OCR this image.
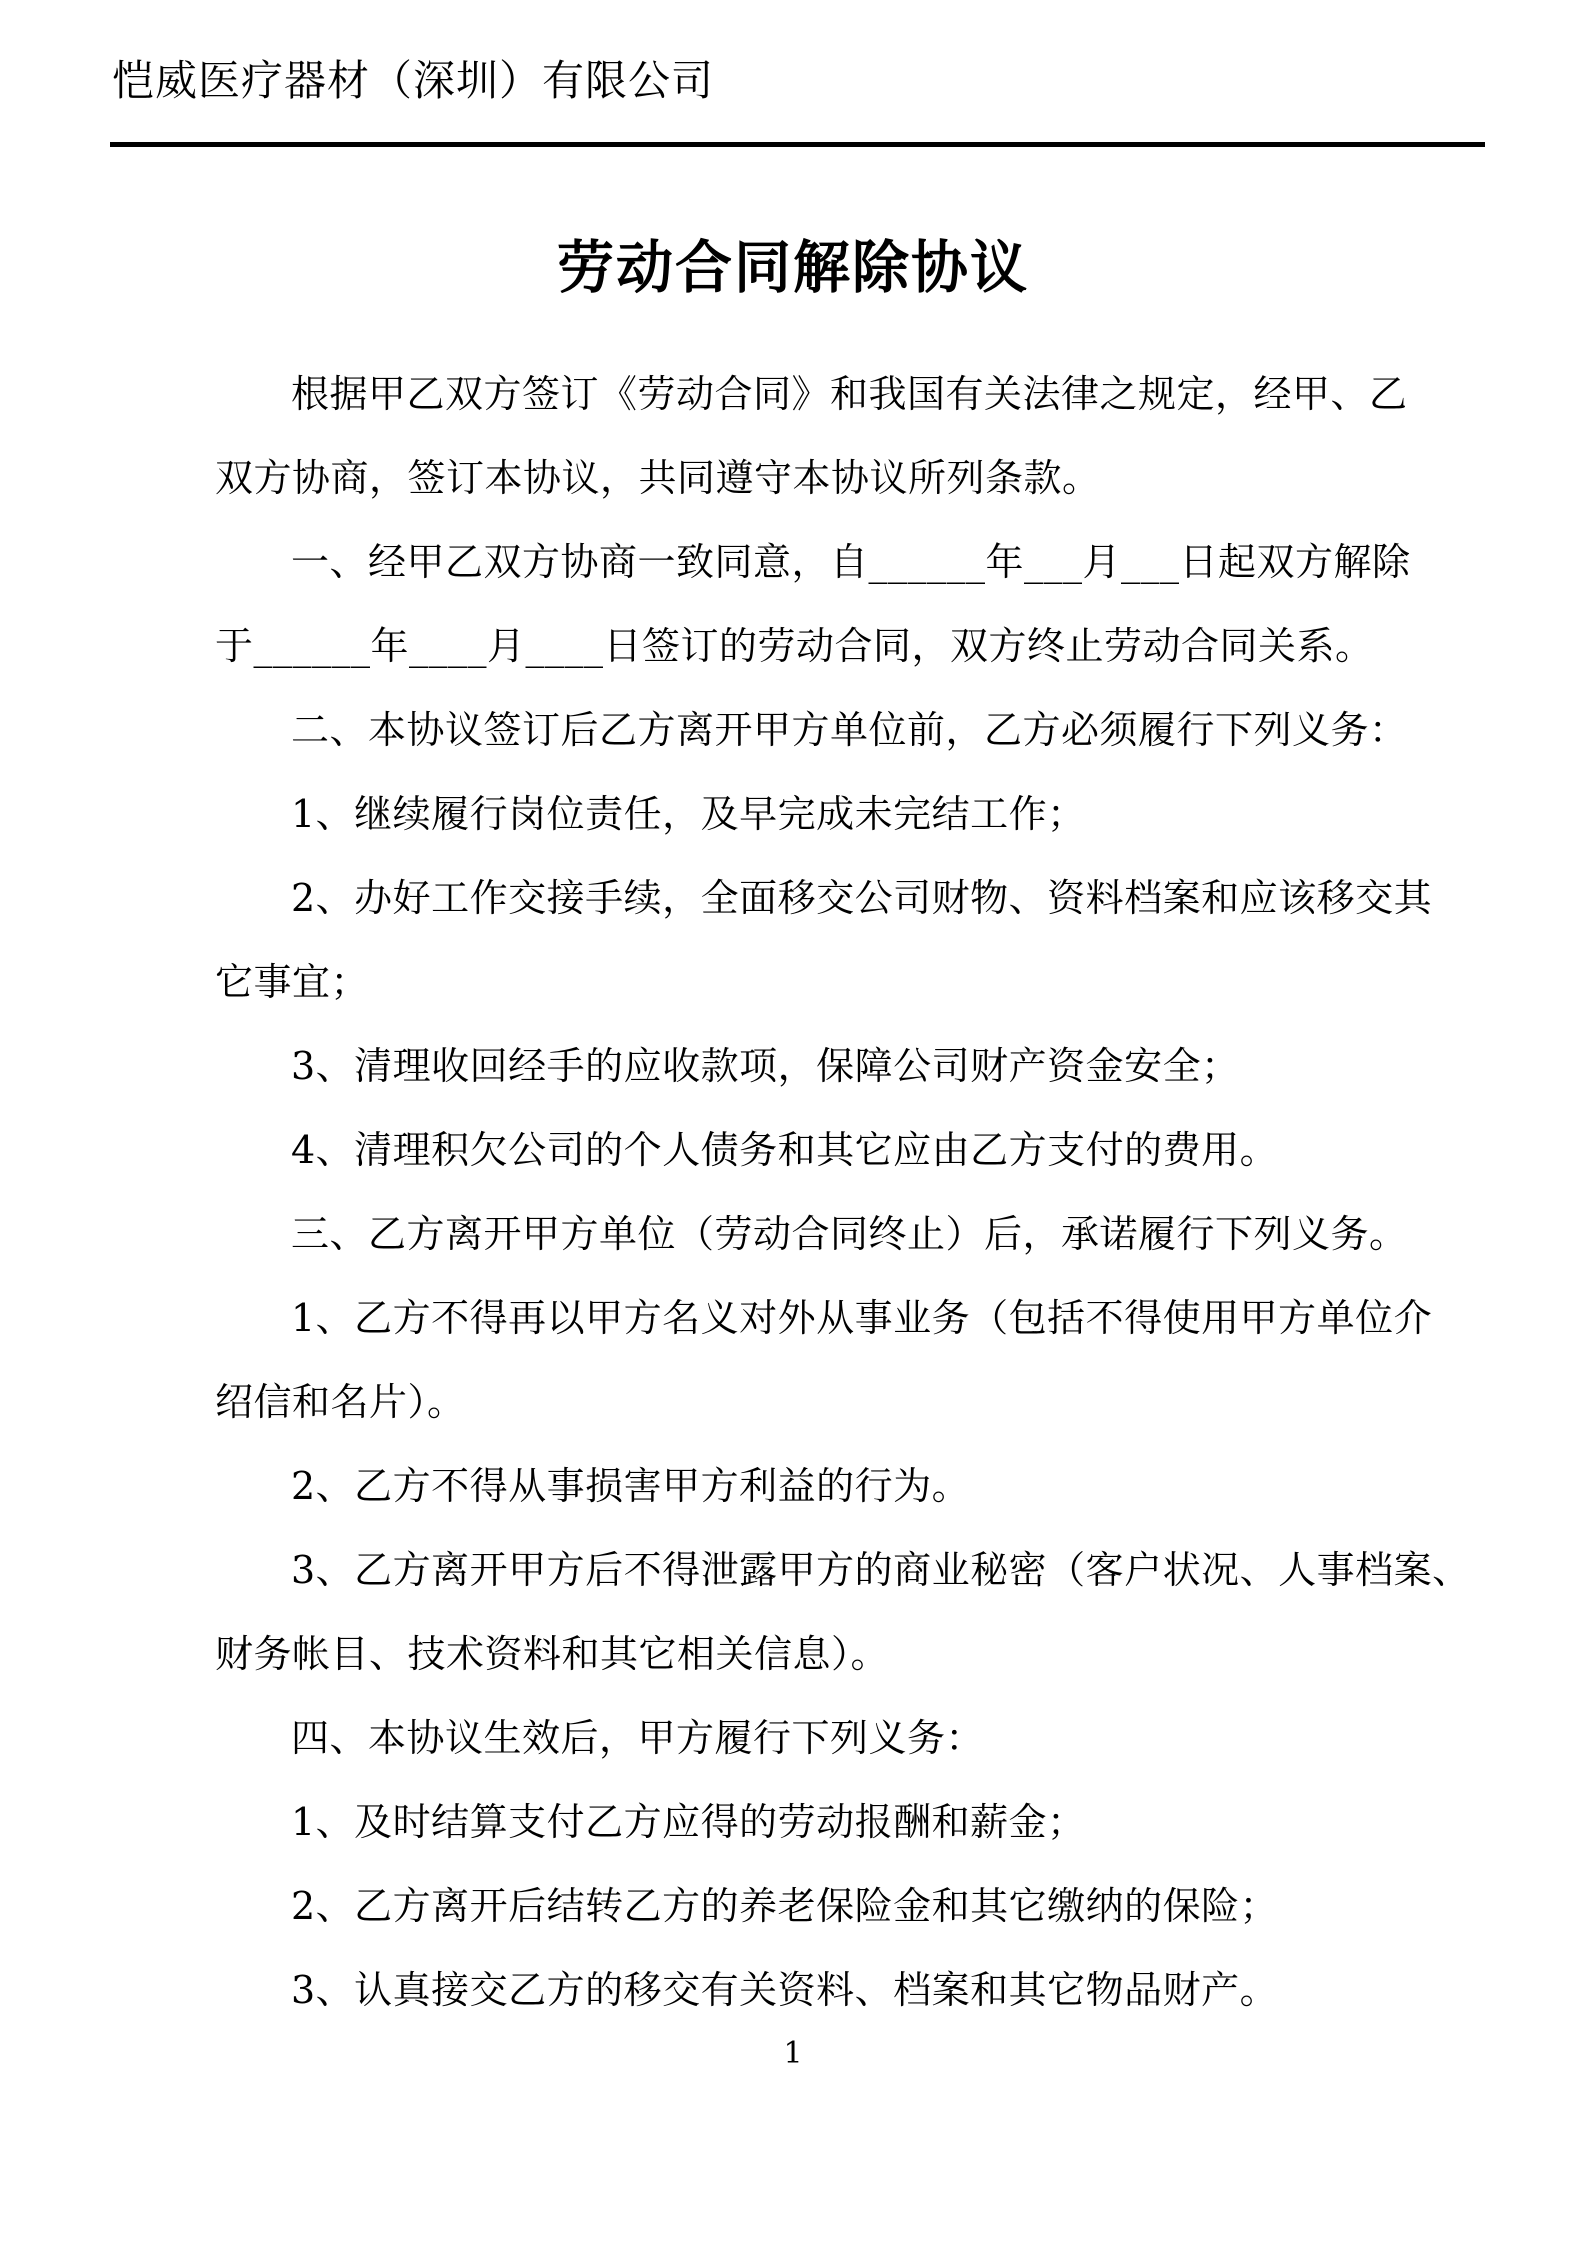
恺威医疗器材（深圳）有限公司
劳动合同解除协议
根据甲乙双方签订《劳动合同》和我国有关法律之规定，经甲、乙
双方协商，签订本协议，共同遵守本协议所列条款。
一、经甲乙双方协商一致同意，自______年___月___日起双方解除
于______年____月____日签订的劳动合同，双方终止劳动合同关系。
二、本协议签订后乙方离开甲方单位前，乙方必须履行下列义务：
1、继续履行岗位责任，及早完成未完结工作；
2、办好工作交接手续，全面移交公司财物、资料档案和应该移交其
它事宜；
3、清理收回经手的应收款项，保障公司财产资金安全；
4、清理积欠公司的个人债务和其它应由乙方支付的费用。
三、乙方离开甲方单位（劳动合同终止）后，承诺履行下列义务。
1、乙方不得再以甲方名义对外从事业务（包括不得使用甲方单位介
绍信和名片）。
2、乙方不得从事损害甲方利益的行为。
3、乙方离开甲方后不得泄露甲方的商业秘密（客户状况、人事档案、
财务帐目、技术资料和其它相关信息）。
四、本协议生效后，甲方履行下列义务：
1、及时结算支付乙方应得的劳动报酬和薪金；
2、乙方离开后结转乙方的养老保险金和其它缴纳的保险；
3、认真接交乙方的移交有关资料、档案和其它物品财产。
1
